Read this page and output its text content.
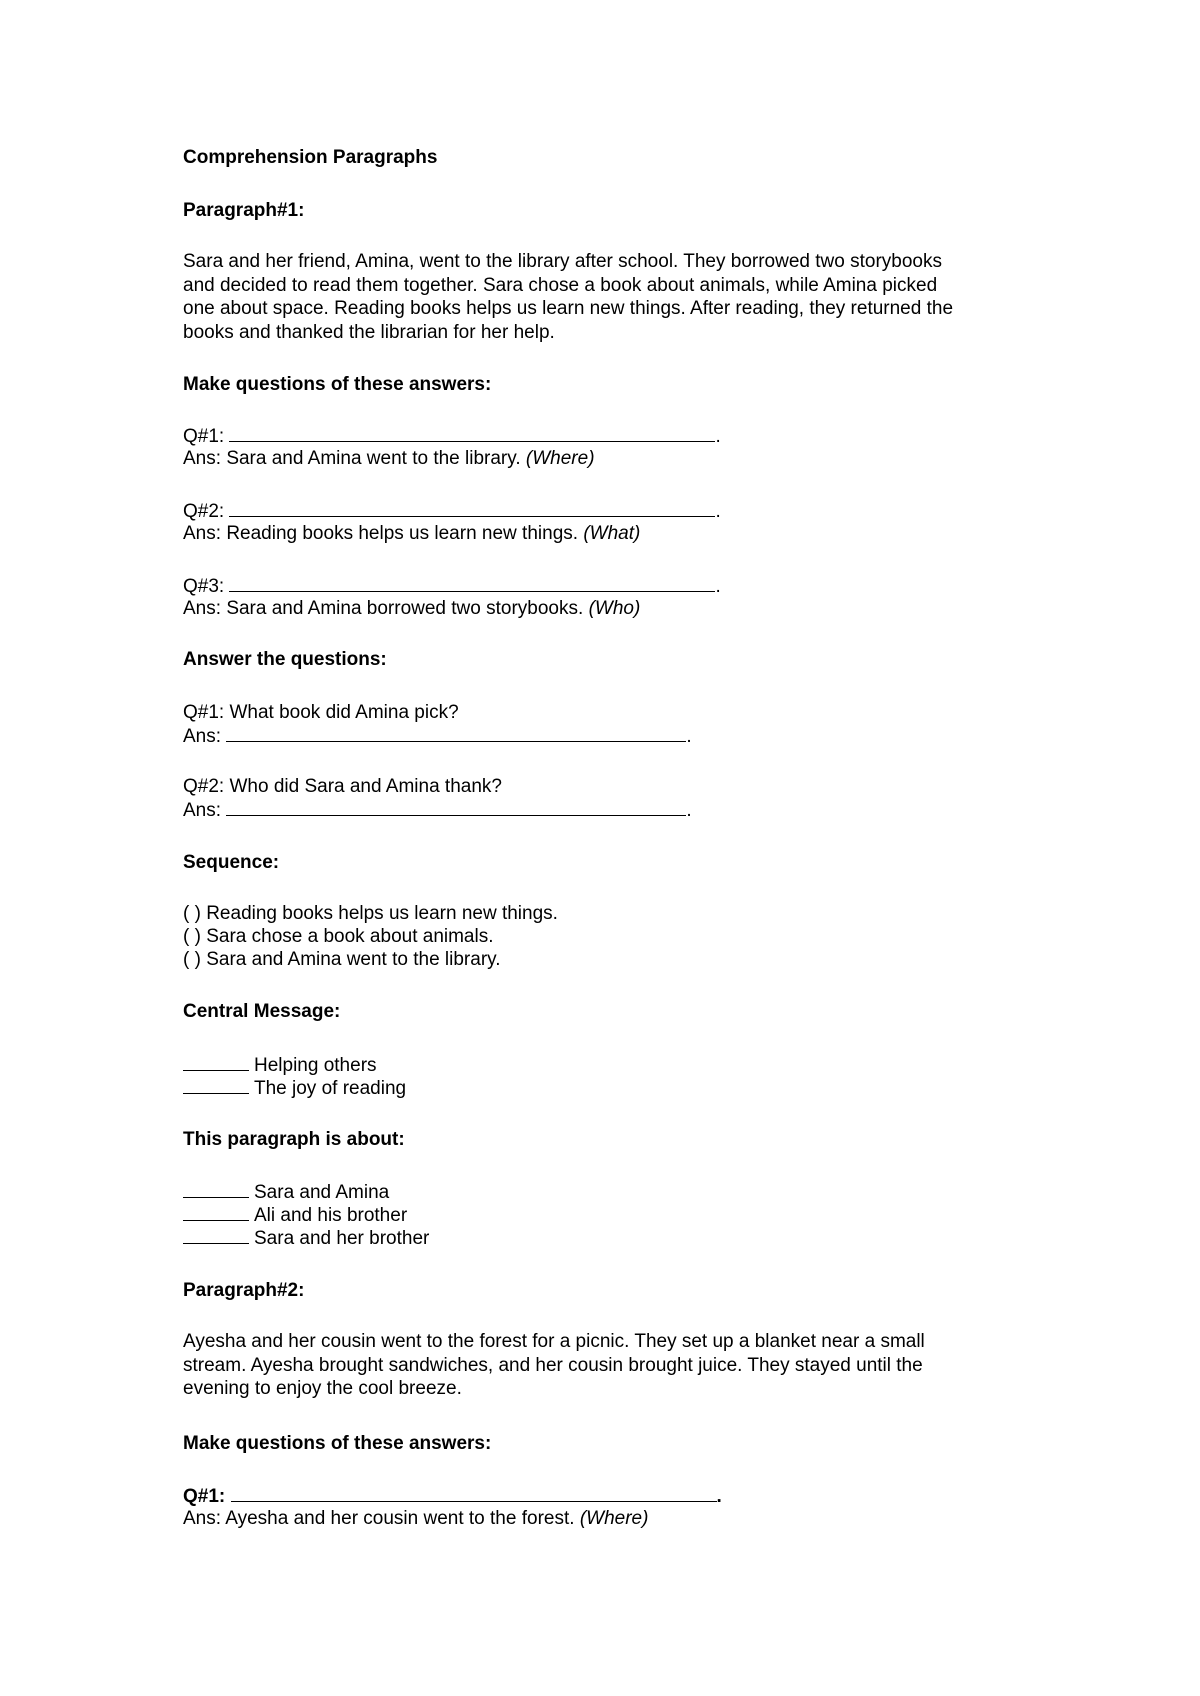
Comprehension Paragraphs
Paragraph#1:
Sara and her friend, Amina, went to the library after school. They borrowed two storybooks
and decided to read them together. Sara chose a book about animals, while Amina picked
one about space. Reading books helps us learn new things. After reading, they returned the
books and thanked the librarian for her help.
Make questions of these answers:
Q#1:	.
Ans: Sara and Amina went to the library. (Where)
Q#2:	.
Ans: Reading books helps us learn new things. (What)
Q#3:	.
Ans: Sara and Amina borrowed two storybooks. (Who)
Answer the questions:
Q#1: What book did Amina pick?
Ans:	.
Q#2: Who did Sara and Amina thank?
Ans:	.
Sequence:
( ) Reading books helps us learn new things.
( ) Sara chose a book about animals.
( ) Sara and Amina went to the library.
Central Message:
Helping others
The joy of reading
This paragraph is about:
Sara and Amina
Ali and his brother
Sara and her brother
Paragraph#2:
Ayesha and her cousin went to the forest for a picnic. They set up a blanket near a small
stream. Ayesha brought sandwiches, and her cousin brought juice. They stayed until the
evening to enjoy the cool breeze.
Make questions of these answers:
Q#1:	.
Ans: Ayesha and her cousin went to the forest. (Where)
